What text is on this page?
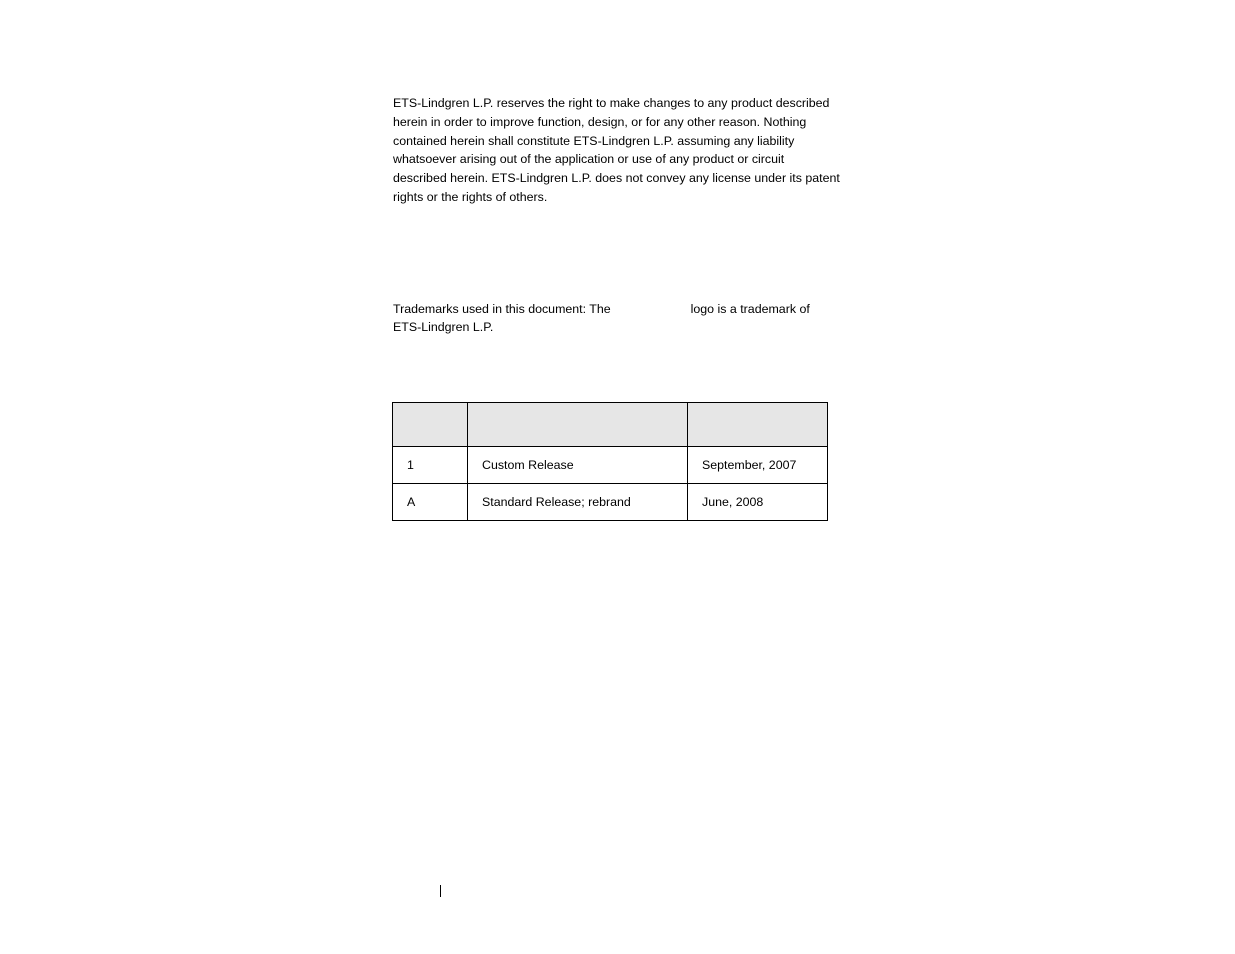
ETS-Lindgren L.P. reserves the right to make changes to any product described herein in order to improve function, design, or for any other reason. Nothing contained herein shall constitute ETS-Lindgren L.P. assuming any liability whatsoever arising out of the application or use of any product or circuit described herein. ETS-Lindgren L.P. does not convey any license under its patent rights or the rights of others.

Trademarks used in this document: The	logo is a trademark of ETS-Lindgren L.P.

1	Custom Release	September, 2007
A	Standard Release; rebrand	June, 2008
